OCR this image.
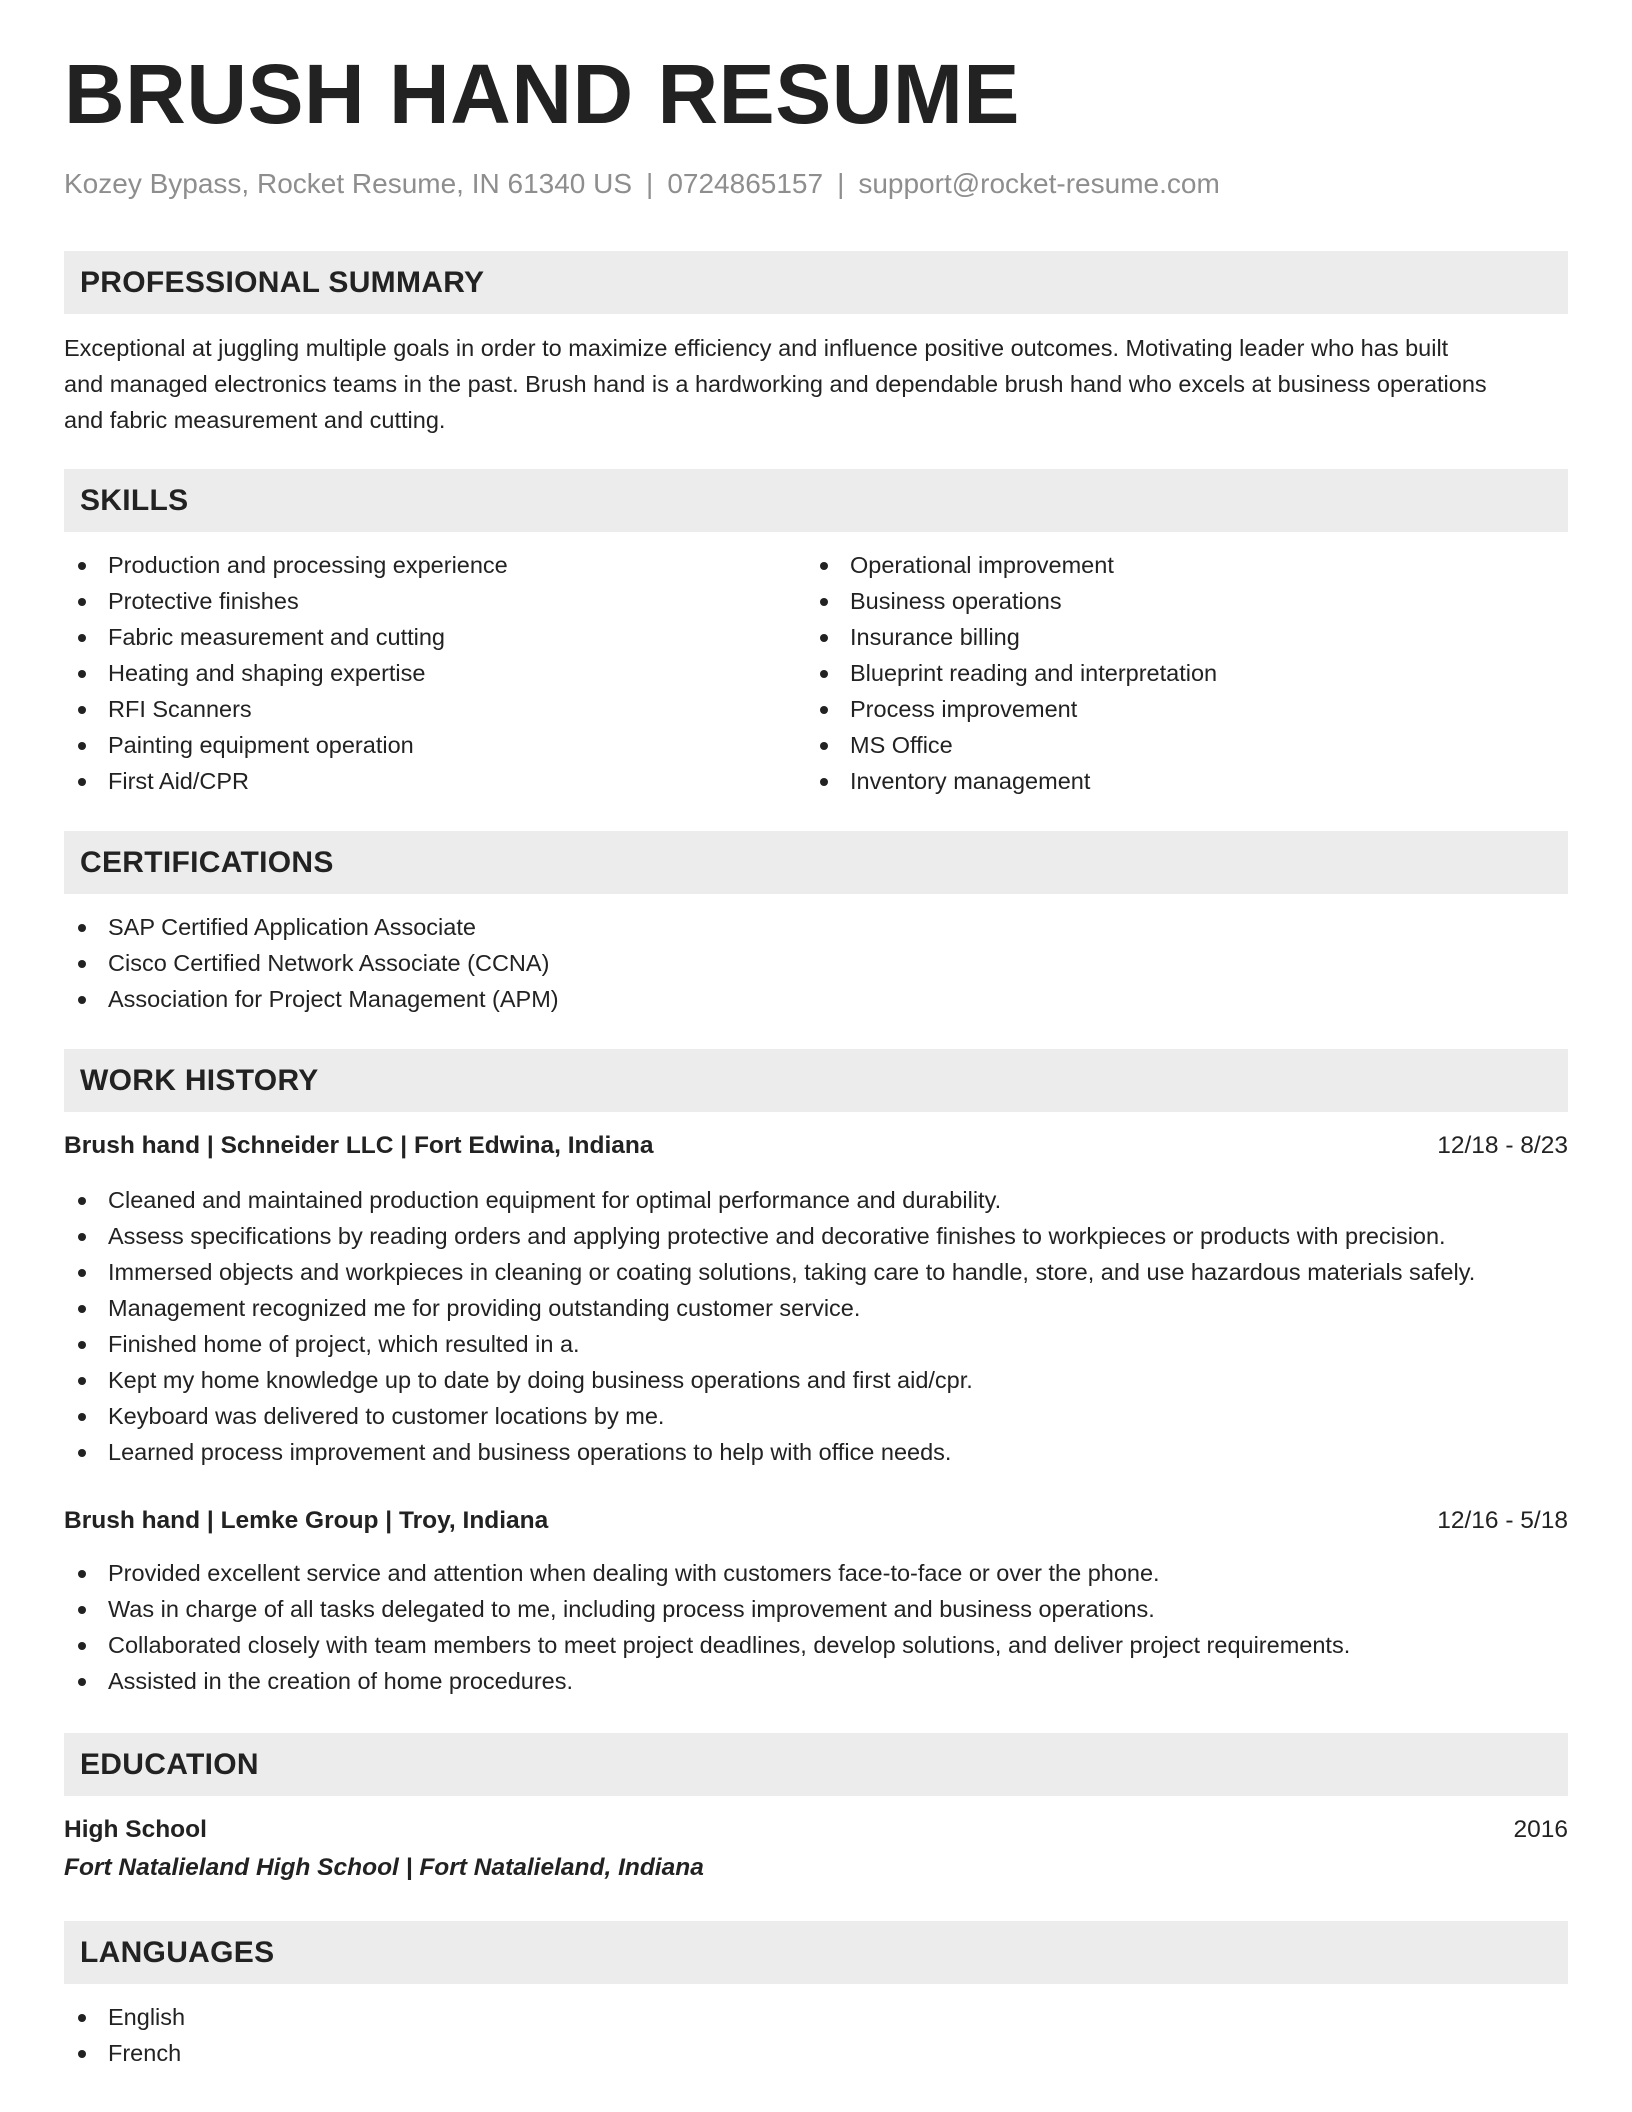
BRUSH HAND RESUME
Kozey Bypass, Rocket Resume, IN 61340 US | 0724865157 | support@rocket-resume.com
PROFESSIONAL SUMMARY
Exceptional at juggling multiple goals in order to maximize efficiency and influence positive outcomes. Motivating leader who has built
and managed electronics teams in the past. Brush hand is a hardworking and dependable brush hand who excels at business operations
and fabric measurement and cutting.
SKILLS
Production and processing experience
Protective finishes
Fabric measurement and cutting
Heating and shaping expertise
RFI Scanners
Painting equipment operation
First Aid/CPR
Operational improvement
Business operations
Insurance billing
Blueprint reading and interpretation
Process improvement
MS Office
Inventory management
CERTIFICATIONS
SAP Certified Application Associate
Cisco Certified Network Associate (CCNA)
Association for Project Management (APM)
WORK HISTORY
Brush hand | Schneider LLC | Fort Edwina, Indiana	12/18 - 8/23
Cleaned and maintained production equipment for optimal performance and durability.
Assess specifications by reading orders and applying protective and decorative finishes to workpieces or products with precision.
Immersed objects and workpieces in cleaning or coating solutions, taking care to handle, store, and use hazardous materials safely.
Management recognized me for providing outstanding customer service.
Finished home of project, which resulted in a.
Kept my home knowledge up to date by doing business operations and first aid/cpr.
Keyboard was delivered to customer locations by me.
Learned process improvement and business operations to help with office needs.
Brush hand | Lemke Group | Troy, Indiana	12/16 - 5/18
Provided excellent service and attention when dealing with customers face-to-face or over the phone.
Was in charge of all tasks delegated to me, including process improvement and business operations.
Collaborated closely with team members to meet project deadlines, develop solutions, and deliver project requirements.
Assisted in the creation of home procedures.
EDUCATION
High School	2016
Fort Natalieland High School | Fort Natalieland, Indiana
LANGUAGES
English
French
